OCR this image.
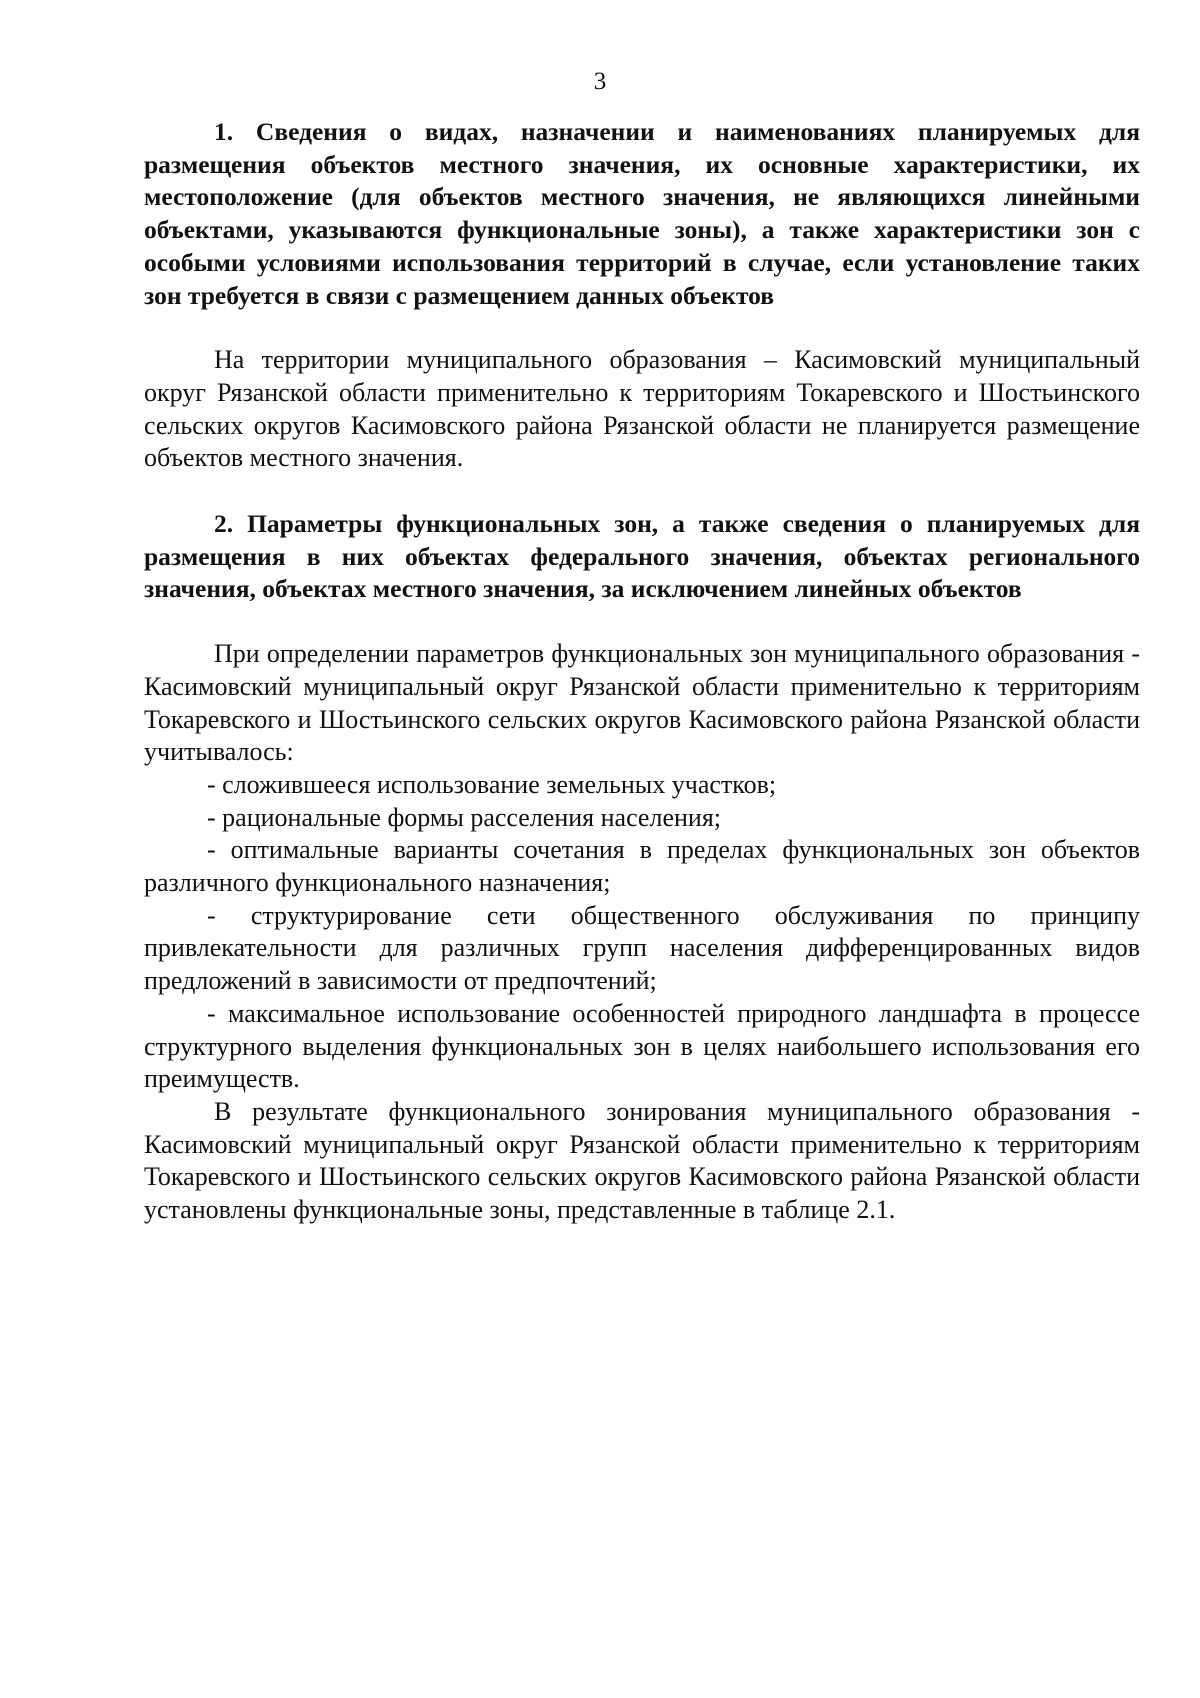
3

1. Сведения о видах, назначении и наименованиях планируемых для размещения объектов местного значения, их основные характеристики, их местоположение (для объектов местного значения, не являющихся линейными объектами, указываются функциональные зоны), а также характеристики зон с особыми условиями использования территорий в случае, если установление таких зон требуется в связи с размещением данных объектов

На территории муниципального образования – Касимовский муниципальный округ Рязанской области применительно к территориям Токаревского и Шостьинского сельских округов Касимовского района Рязанской области не планируется размещение объектов местного значения.

2. Параметры функциональных зон, а также сведения о планируемых для размещения в них объектах федерального значения, объектах регионального значения, объектах местного значения, за исключением линейных объектов

При определении параметров функциональных зон муниципального образования - Касимовский муниципальный округ Рязанской области применительно к территориям Токаревского и Шостьинского сельских округов Касимовского района Рязанской области учитывалось:

- сложившееся использование земельных участков;

- рациональные формы расселения населения;

- оптимальные варианты сочетания в пределах функциональных зон объектов различного функционального назначения;

- структурирование сети общественного обслуживания по принципу привлекательности для различных групп населения дифференцированных видов предложений в зависимости от предпочтений;

- максимальное использование особенностей природного ландшафта в процессе структурного выделения функциональных зон в целях наибольшего использования его преимуществ.

В результате функционального зонирования муниципального образования - Касимовский муниципальный округ Рязанской области применительно к территориям Токаревского и Шостьинского сельских округов Касимовского района Рязанской области установлены функциональные зоны, представленные в таблице 2.1.
